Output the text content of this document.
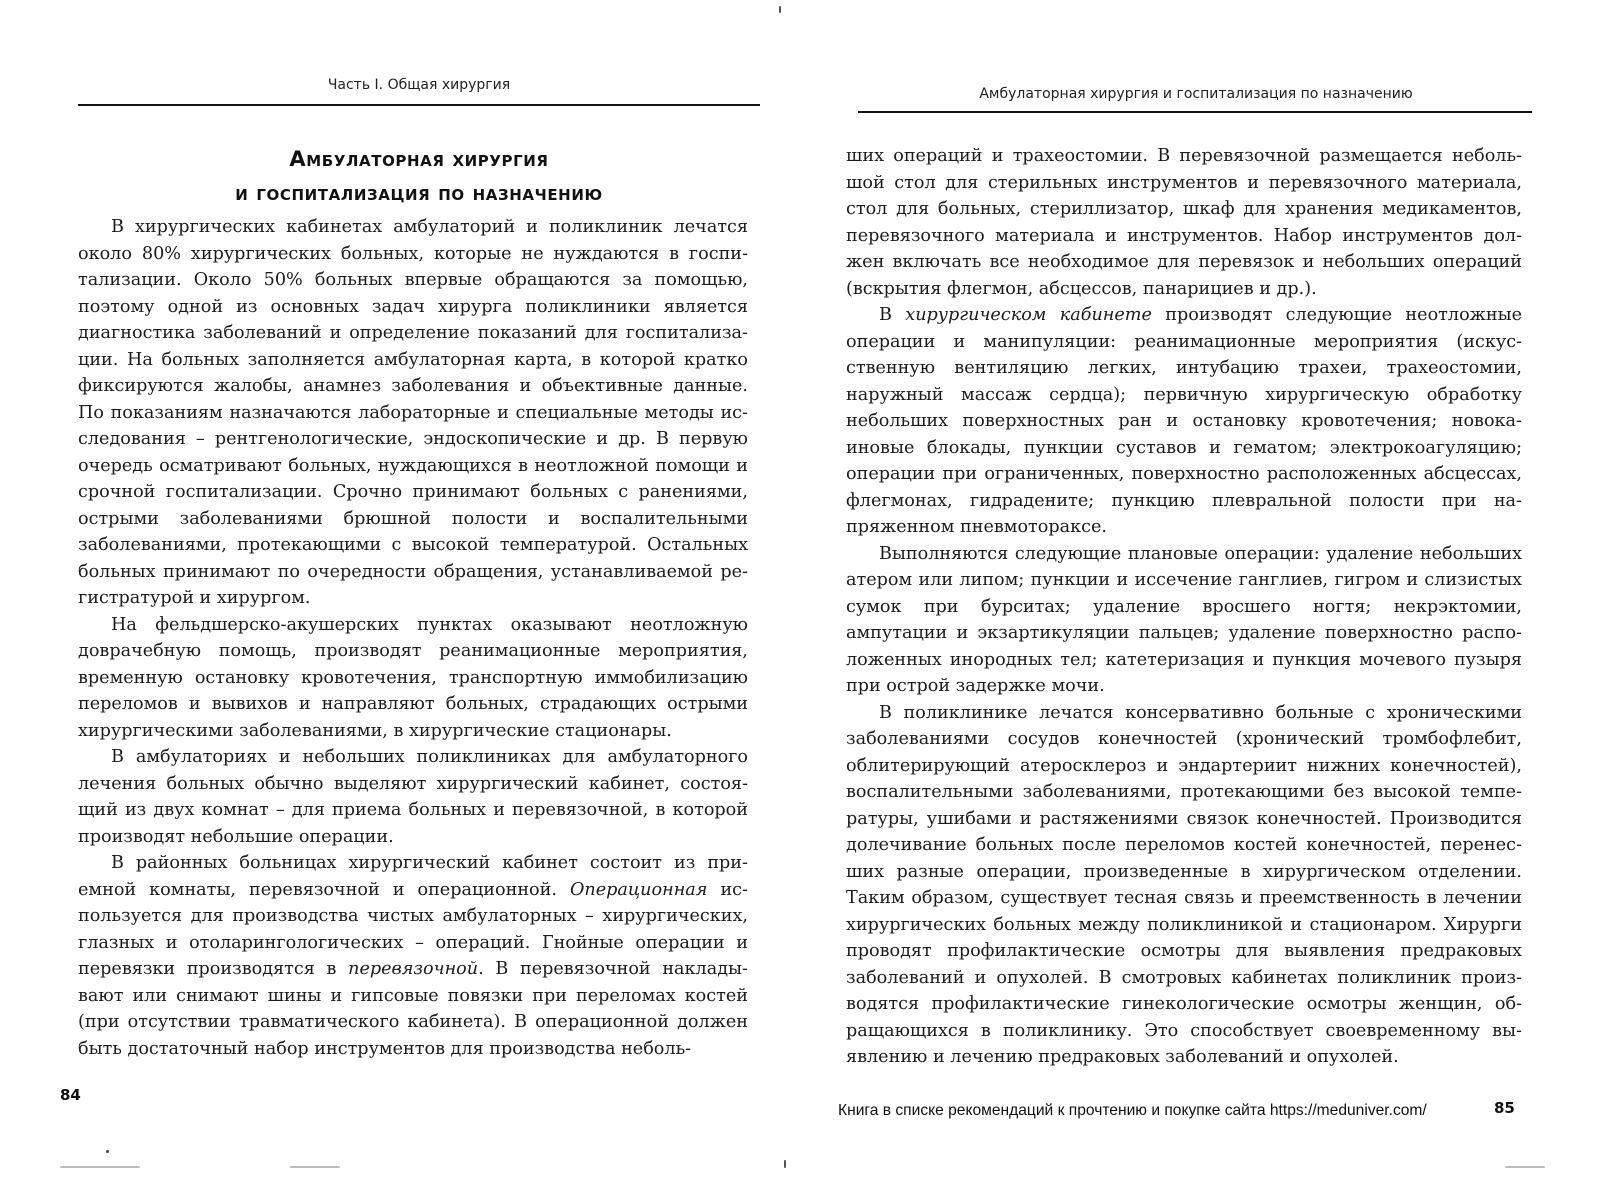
Часть I. Общая хирургия
Амбулаторная хирургия
и госпитализация по назначению

В хирургических кабинетах амбулаторий и поликлиник лечатся около 80% хирургических больных, которые не нуждаются в госпитализации. Около 50% больных впервые обращаются за помощью, поэтому одной из основных задач хирурга поликлиники является диагностика заболеваний и определение показаний для госпитализации. На больных заполняется амбулаторная карта, в которой кратко фиксируются жалобы, анамнез заболевания и объективные данные. По показаниям назначаются лабораторные и специальные методы исследования – рентгенологические, эндоскопические и др. В первую очередь осматривают больных, нуждающихся в неотложной помощи и срочной госпитализации. Срочно принимают больных с ранениями, острыми заболеваниями брюшной полости и воспалительными заболеваниями, протекающими с высокой температурой. Остальных больных принимают по очередности обращения, устанавливаемой регистратурой и хирургом.

На фельдшерско-акушерских пунктах оказывают неотложную доврачебную помощь, производят реанимационные мероприятия, временную остановку кровотечения, транспортную иммобилизацию переломов и вывихов и направляют больных, страдающих острыми хирургическими заболеваниями, в хирургические стационары.

В амбулаториях и небольших поликлиниках для амбулаторного лечения больных обычно выделяют хирургический кабинет, состоящий из двух комнат – для приема больных и перевязочной, в которой производят небольшие операции.

В районных больницах хирургический кабинет состоит из приемной комнаты, перевязочной и операционной. Операционная используется для производства чистых амбулаторных – хирургических, глазных и отоларингологических – операций. Гнойные операции и перевязки производятся в перевязочной. В перевязочной накладывают или снимают шины и гипсовые повязки при переломах костей (при отсутствии травматического кабинета). В операционной должен быть достаточный набор инструментов для производства неболь-

84
Амбулаторная хирургия и госпитализация по назначению

ших операций и трахеостомии. В перевязочной размещается небольшой стол для стерильных инструментов и перевязочного материала, стол для больных, стериллизатор, шкаф для хранения медикаментов, перевязочного материала и инструментов. Набор инструментов должен включать все необходимое для перевязок и небольших операций (вскрытия флегмон, абсцессов, панарициев и др.).

В хирургическом кабинете производят следующие неотложные операции и манипуляции: реанимационные мероприятия (искусственную вентиляцию легких, интубацию трахеи, трахеостомии, наружный массаж сердца); первичную хирургическую обработку небольших поверхностных ран и остановку кровотечения; новокаиновые блокады, пункции суставов и гематом; электрокоагуляцию; операции при ограниченных, поверхностно расположенных абсцессах, флегмонах, гидрадените; пункцию плевральной полости при напряженном пневмотораксе.

Выполняются следующие плановые операции: удаление небольших атером или липом; пункции и иссечение ганглиев, гигром и слизистых сумок при бурситах; удаление вросшего ногтя; некрэктомии, ампутации и экзартикуляции пальцев; удаление поверхностно расположенных инородных тел; катетеризация и пункция мочевого пузыря при острой задержке мочи.

В поликлинике лечатся консервативно больные с хроническими заболеваниями сосудов конечностей (хронический тромбофлебит, облитерирующий атеросклероз и эндартериит нижних конечностей), воспалительными заболеваниями, протекающими без высокой температуры, ушибами и растяжениями связок конечностей. Производится долечивание больных после переломов костей конечностей, перенесших разные операции, произведенные в хирургическом отделении. Таким образом, существует тесная связь и преемственность в лечении хирургических больных между поликлиникой и стационаром. Хирурги проводят профилактические осмотры для выявления предраковых заболеваний и опухолей. В смотровых кабинетах поликлиник производятся профилактические гинекологические осмотры женщин, обращающихся в поликлинику. Это способствует своевременному выявлению и лечению предраковых заболеваний и опухолей.

85
Книга в списке рекомендаций к прочтению и покупке сайта https://meduniver.com/
